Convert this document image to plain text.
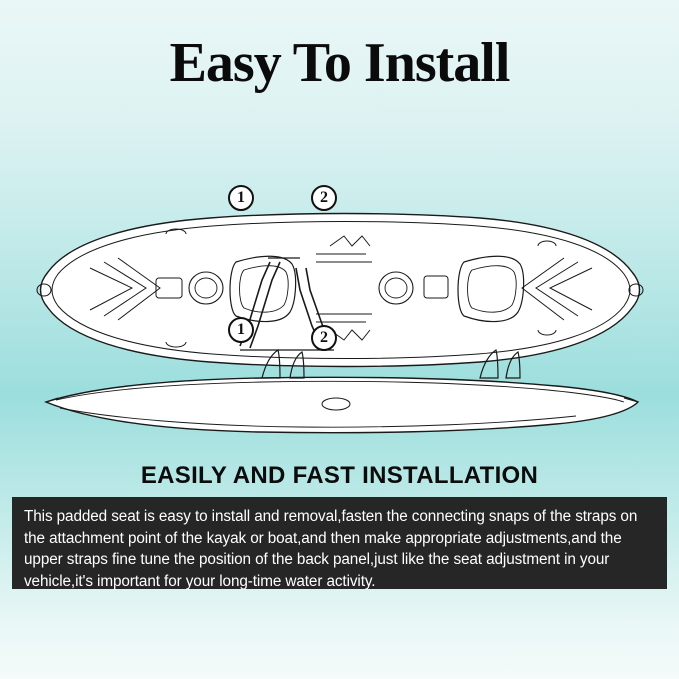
Easy To Install
1	2
1	2
EASILY AND FAST INSTALLATION
This padded seat is easy to install and removal,fasten the connecting snaps of the straps on the attachment point of the kayak or boat,and then make appropriate adjustments,and the upper straps fine tune the position of the back panel,just like the seat adjustment in your vehicle,it's important for your long-time water activity.
